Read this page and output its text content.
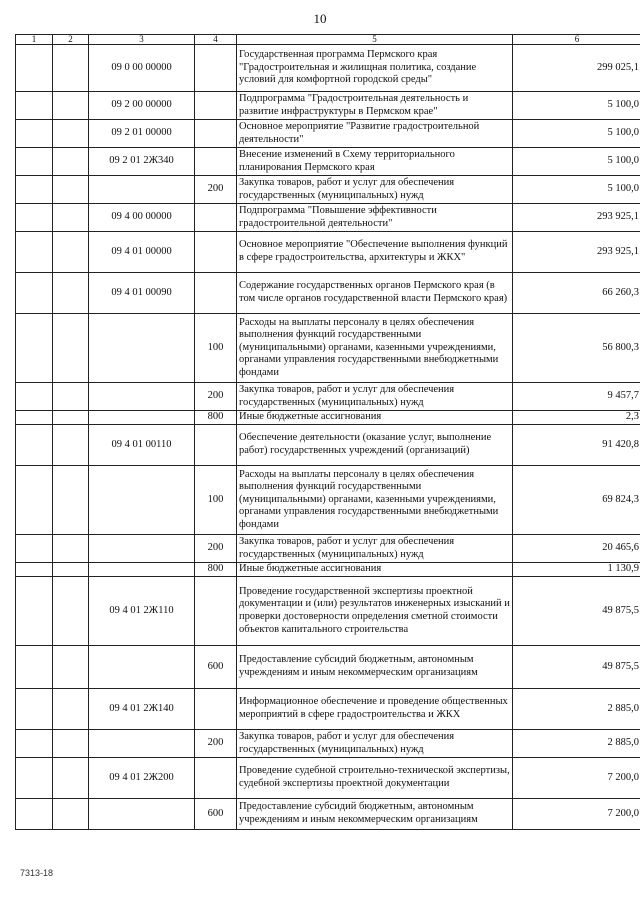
10
1	2	3	4	5	6
		09 0 00 00000		Государственная программа Пермского края "Градостроительная и жилищная политика, создание условий для комфортной городской среды"	299 025,1
		09 2 00 00000		Подпрограмма "Градостроительная деятельность и развитие инфраструктуры в Пермском крае"	5 100,0
		09 2 01 00000		Основное мероприятие "Развитие градостроительной деятельности"	5 100,0
		09 2 01 2Ж340		Внесение изменений в Схему территориального планирования Пермского края	5 100,0
			200	Закупка товаров, работ и услуг для обеспечения государственных (муниципальных) нужд	5 100,0
		09 4 00 00000		Подпрограмма "Повышение эффективности градостроительной деятельности"	293 925,1
		09 4 01 00000		Основное мероприятие "Обеспечение выполнения функций в сфере градостроительства, архитектуры и ЖКХ"	293 925,1
		09 4 01 00090		Содержание государственных органов Пермского края (в том числе органов государственной власти Пермского края)	66 260,3
			100	Расходы на выплаты персоналу в целях обеспечения выполнения функций государственными (муниципальными) органами, казенными учреждениями, органами управления государственными внебюджетными фондами	56 800,3
			200	Закупка товаров, работ и услуг для обеспечения государственных (муниципальных) нужд	9 457,7
			800	Иные бюджетные ассигнования	2,3
		09 4 01 00110		Обеспечение деятельности (оказание услуг, выполнение работ) государственных учреждений (организаций)	91 420,8
			100	Расходы на выплаты персоналу в целях обеспечения выполнения функций государственными (муниципальными) органами, казенными учреждениями, органами управления государственными внебюджетными фондами	69 824,3
			200	Закупка товаров, работ и услуг для обеспечения государственных (муниципальных) нужд	20 465,6
			800	Иные бюджетные ассигнования	1 130,9
		09 4 01 2Ж110		Проведение государственной экспертизы проектной документации и (или) результатов инженерных изысканий и проверки достоверности определения сметной стоимости объектов капитального строительства	49 875,5
			600	Предоставление субсидий бюджетным, автономным учреждениям и иным некоммерческим организациям	49 875,5
		09 4 01 2Ж140		Информационное обеспечение и проведение общественных мероприятий в сфере градостроительства и ЖКХ	2 885,0
			200	Закупка товаров, работ и услуг для обеспечения государственных (муниципальных) нужд	2 885,0
		09 4 01 2Ж200		Проведение судебной строительно-технической экспертизы, судебной экспертизы проектной документации	7 200,0
			600	Предоставление субсидий бюджетным, автономным учреждениям и иным некоммерческим организациям	7 200,0
7313-18
